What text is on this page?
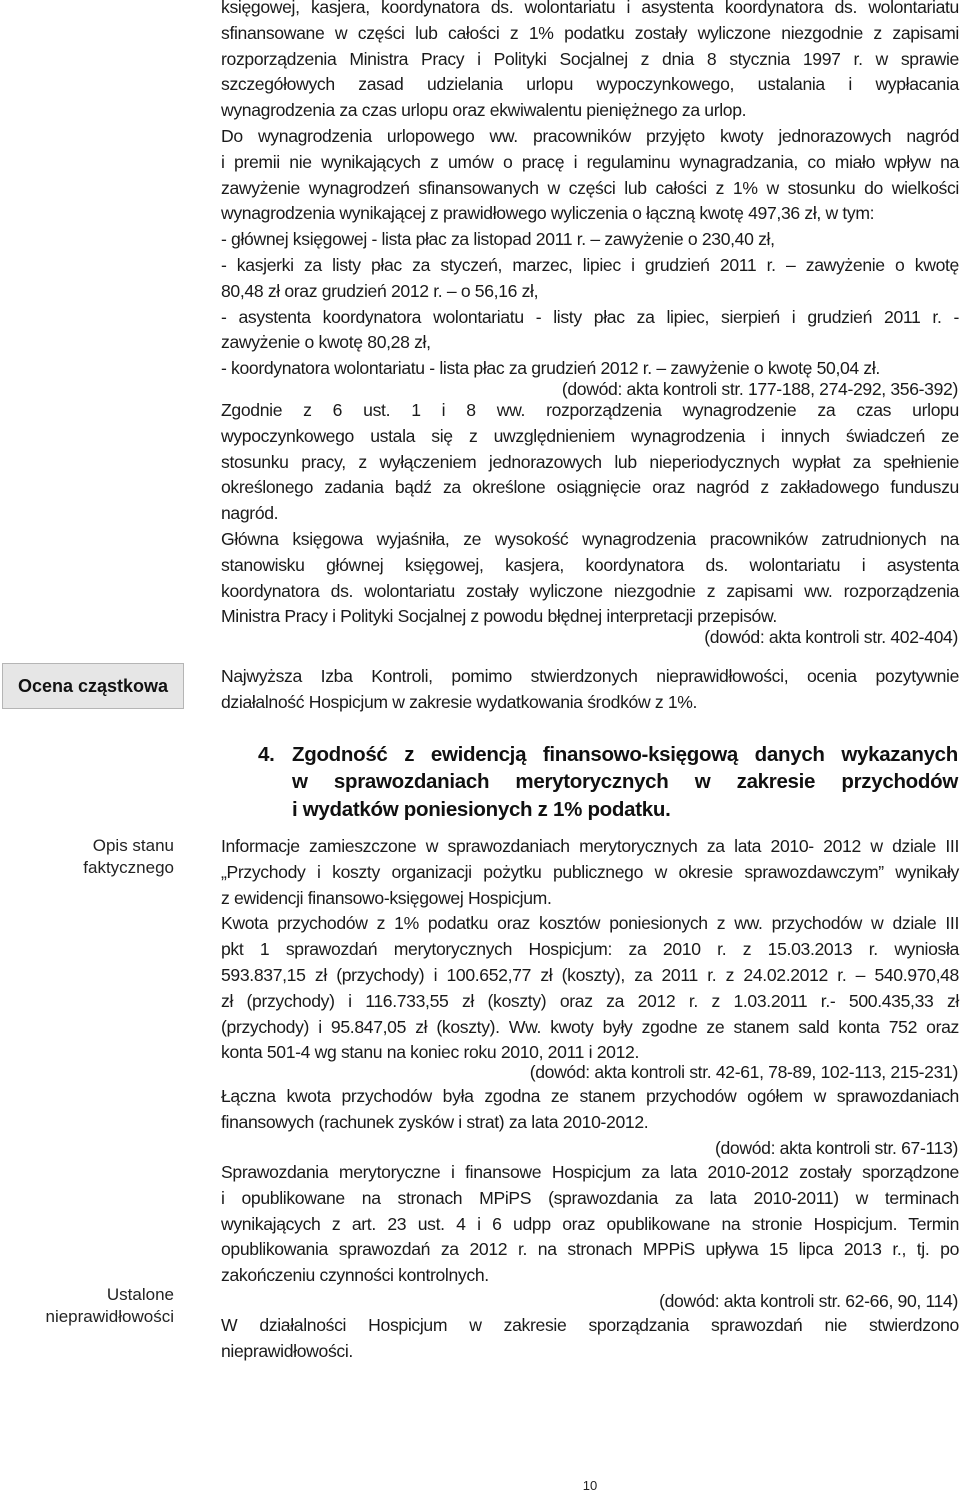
Ocena cząstkowa
Opis stanu
faktycznego
Ustalone
nieprawidłowości
księgowej, kasjera, koordynatora ds. wolontariatu i asystenta koordynatora ds. wolontariatu
sfinansowane w części lub całości z 1% podatku zostały wyliczone niezgodnie z zapisami
rozporządzenia Ministra Pracy i Polityki Socjalnej z dnia 8 stycznia 1997 r. w sprawie
szczegółowych zasad udzielania urlopu wypoczynkowego, ustalania i wypłacania
wynagrodzenia za czas urlopu oraz ekwiwalentu pieniężnego za urlop.
Do wynagrodzenia urlopowego ww. pracowników przyjęto kwoty jednorazowych nagród
i premii nie wynikających z umów o pracę i regulaminu wynagradzania, co miało wpływ na
zawyżenie wynagrodzeń sfinansowanych w części lub całości z 1% w stosunku do wielkości
wynagrodzenia wynikającej z prawidłowego wyliczenia o łączną kwotę 497,36 zł, w tym:
- głównej księgowej - lista płac za listopad 2011 r. – zawyżenie o 230,40 zł,
- kasjerki za listy płac za styczeń, marzec, lipiec i grudzień 2011 r. – zawyżenie o kwotę
80,48 zł oraz grudzień 2012 r. – o 56,16 zł,
- asystenta koordynatora wolontariatu - listy płac za lipiec, sierpień i grudzień 2011 r. -
zawyżenie o kwotę 80,28 zł,
- koordynatora wolontariatu - lista płac za grudzień 2012 r. – zawyżenie o kwotę 50,04 zł.
(dowód: akta kontroli str. 177-188, 274-292, 356-392)
Zgodnie z 6 ust. 1 i 8 ww. rozporządzenia wynagrodzenie za czas urlopu
wypoczynkowego ustala się z uwzględnieniem wynagrodzenia i innych świadczeń ze
stosunku pracy, z wyłączeniem jednorazowych lub nieperiodycznych wypłat za spełnienie
określonego zadania bądź za określone osiągnięcie oraz nagród z zakładowego funduszu
nagród.
Główna księgowa wyjaśniła, ze wysokość wynagrodzenia pracowników zatrudnionych na
stanowisku głównej księgowej, kasjera, koordynatora ds. wolontariatu i asystenta
koordynatora ds. wolontariatu zostały wyliczone niezgodnie z zapisami ww. rozporządzenia
Ministra Pracy i Polityki Socjalnej z powodu błędnej interpretacji przepisów.
(dowód: akta kontroli str. 402-404)
Najwyższa Izba Kontroli, pomimo stwierdzonych nieprawidłowości, ocenia pozytywnie
działalność Hospicjum w zakresie wydatkowania środków z 1%.
4. Zgodność z ewidencją finansowo-księgową danych wykazanych
w sprawozdaniach merytorycznych w zakresie przychodów
i wydatków poniesionych z 1% podatku.
Informacje zamieszczone w sprawozdaniach merytorycznych za lata 2010- 2012 w dziale III
„Przychody i koszty organizacji pożytku publicznego w okresie sprawozdawczym” wynikały
z ewidencji finansowo-księgowej Hospicjum.
Kwota przychodów z 1% podatku oraz kosztów poniesionych z ww. przychodów w dziale III
pkt 1 sprawozdań merytorycznych Hospicjum: za 2010 r. z 15.03.2013 r. wyniosła
593.837,15 zł (przychody) i 100.652,77 zł (koszty), za 2011 r. z 24.02.2012 r. – 540.970,48
zł (przychody) i 116.733,55 zł (koszty) oraz za 2012 r. z 1.03.2011 r.- 500.435,33 zł
(przychody) i 95.847,05 zł (koszty). Ww. kwoty były zgodne ze stanem sald konta 752 oraz
konta 501-4 wg stanu na koniec roku 2010, 2011 i 2012.
(dowód: akta kontroli str. 42-61, 78-89, 102-113, 215-231)
Łączna kwota przychodów była zgodna ze stanem przychodów ogółem w sprawozdaniach
finansowych (rachunek zysków i strat) za lata 2010-2012.
(dowód: akta kontroli str. 67-113)
Sprawozdania merytoryczne i finansowe Hospicjum za lata 2010-2012 zostały sporządzone
i opublikowane na stronach MPiPS (sprawozdania za lata 2010-2011) w terminach
wynikających z art. 23 ust. 4 i 6 udpp oraz opublikowane na stronie Hospicjum. Termin
opublikowania sprawozdań za 2012 r. na stronach MPPiS upływa 15 lipca 2013 r., tj. po
zakończeniu czynności kontrolnych.
(dowód: akta kontroli str. 62-66, 90, 114)
W działalności Hospicjum w zakresie sporządzania sprawozdań nie stwierdzono
nieprawidłowości.
10
